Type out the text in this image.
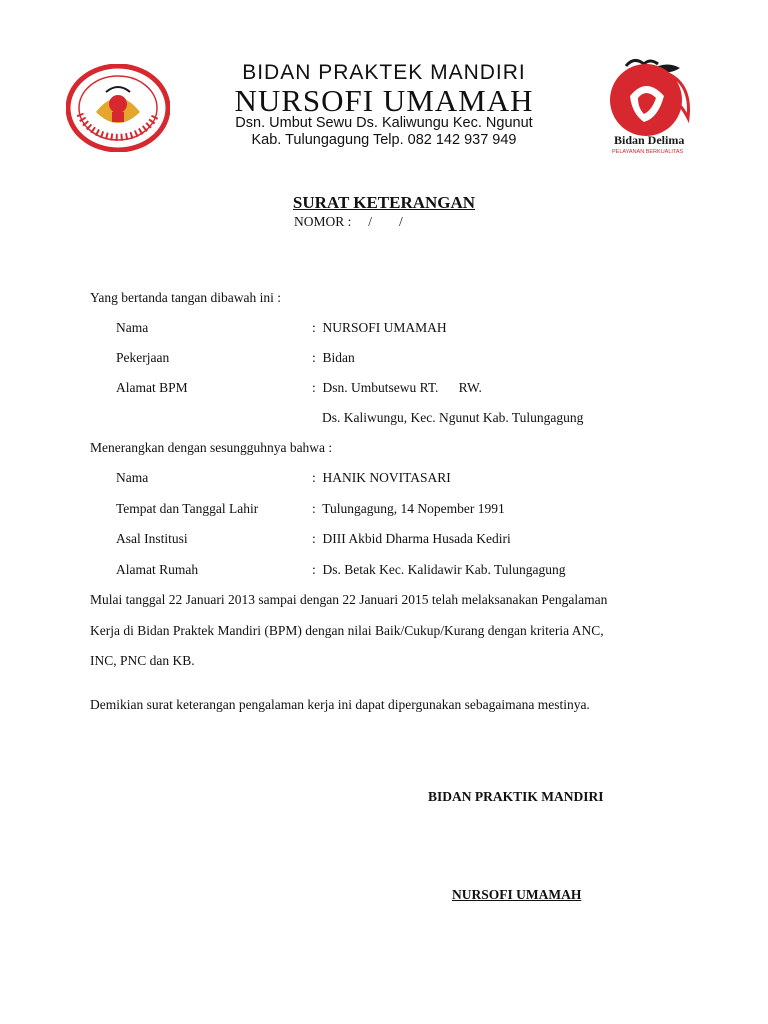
Bidan Delima
PELAYANAN BERKUALITAS
BIDAN PRAKTEK MANDIRI
NURSOFI UMAMAH
Dsn. Umbut Sewu Ds. Kaliwungu Kec. Ngunut
Kab. Tulungagung Telp. 082 142 937 949
SURAT KETERANGAN
NOMOR :     /        /
Yang bertanda tangan dibawah ini :
Nama	:  NURSOFI UMAMAH
Pekerjaan	:  Bidan
Alamat BPM	:  Dsn. Umbutsewu RT.      RW.
Ds. Kaliwungu, Kec. Ngunut Kab. Tulungagung
Menerangkan dengan sesungguhnya bahwa :
Nama	:  HANIK NOVITASARI
Tempat dan Tanggal Lahir	:  Tulungagung, 14 Nopember 1991
Asal Institusi	:  DIII Akbid Dharma Husada Kediri
Alamat Rumah	:  Ds. Betak Kec. Kalidawir Kab. Tulungagung
Mulai tanggal 22 Januari 2013 sampai dengan 22 Januari 2015 telah melaksanakan Pengalaman
Kerja di Bidan Praktek Mandiri (BPM) dengan nilai Baik/Cukup/Kurang dengan kriteria ANC,
INC, PNC dan KB.
Demikian surat keterangan pengalaman kerja ini dapat dipergunakan sebagaimana mestinya.
BIDAN PRAKTIK MANDIRI
NURSOFI UMAMAH
